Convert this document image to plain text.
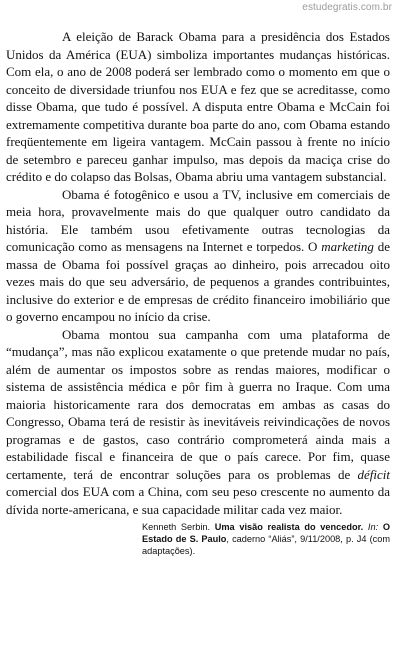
estudegratis.com.br

A eleição de Barack Obama para a presidência dos Estados Unidos da América (EUA) simboliza importantes mudanças históricas. Com ela, o ano de 2008 poderá ser lembrado como o momento em que o conceito de diversidade triunfou nos EUA e fez que se acreditasse, como disse Obama, que tudo é possível. A disputa entre Obama e McCain foi extremamente competitiva durante boa parte do ano, com Obama estando freqüentemente em ligeira vantagem. McCain passou à frente no início de setembro e pareceu ganhar impulso, mas depois da maciça crise do crédito e do colapso das Bolsas, Obama abriu uma vantagem substancial.

Obama é fotogênico e usou a TV, inclusive em comerciais de meia hora, provavelmente mais do que qualquer outro candidato da história. Ele também usou efetivamente outras tecnologias da comunicação como as mensagens na Internet e torpedos. O marketing de massa de Obama foi possível graças ao dinheiro, pois arrecadou oito vezes mais do que seu adversário, de pequenos a grandes contribuintes, inclusive do exterior e de empresas de crédito financeiro imobiliário que o governo encampou no início da crise.

Obama montou sua campanha com uma plataforma de “mudança”, mas não explicou exatamente o que pretende mudar no país, além de aumentar os impostos sobre as rendas maiores, modificar o sistema de assistência médica e pôr fim à guerra no Iraque. Com uma maioria historicamente rara dos democratas em ambas as casas do Congresso, Obama terá de resistir às inevitáveis reivindicações de novos programas e de gastos, caso contrário comprometerá ainda mais a estabilidade fiscal e financeira de que o país carece. Por fim, quase certamente, terá de encontrar soluções para os problemas de déficit comercial dos EUA com a China, com seu peso crescente no aumento da dívida norte-americana, e sua capacidade militar cada vez maior.

Kenneth Serbin. Uma visão realista do vencedor. In: O Estado de S. Paulo, caderno “Aliás”, 9/11/2008, p. J4 (com adaptações).
